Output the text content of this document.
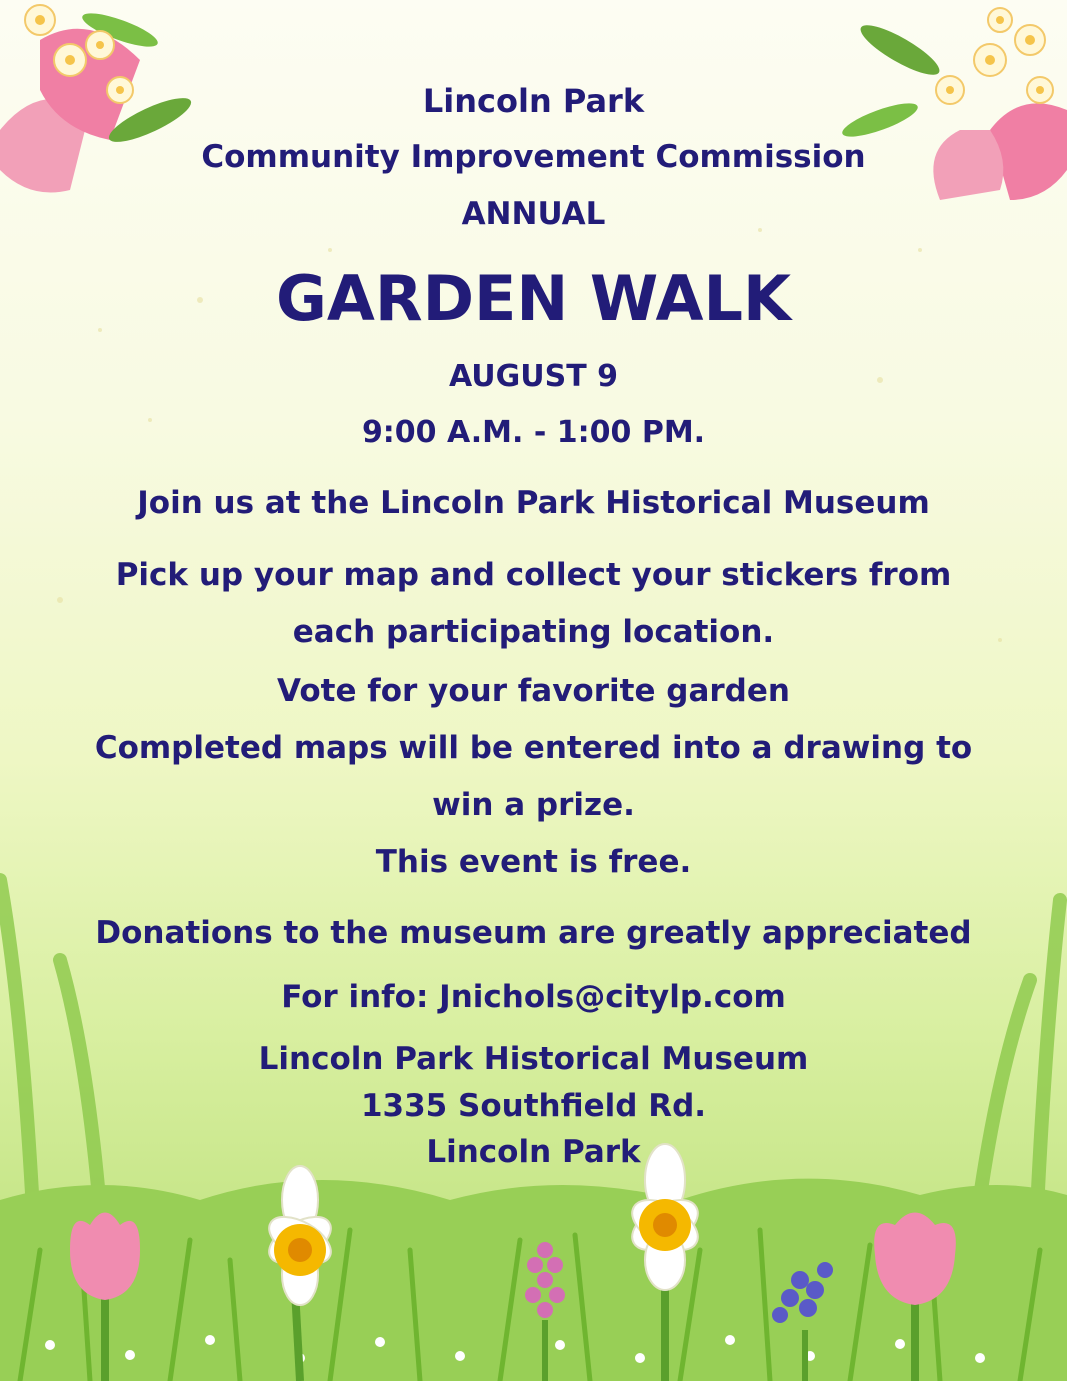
Lincoln Park
Community Improvement Commission
ANNUAL
GARDEN WALK
AUGUST 9
9:00 A.M. - 1:00 PM.
Join us at the Lincoln Park Historical Museum
Pick up your map and collect your stickers from
each participating location.
Vote for your favorite garden
Completed maps will be entered into a drawing to
win a prize.
This event is free.
Donations to the museum are greatly appreciated
For info: Jnichols@citylp.com
Lincoln Park Historical Museum
1335 Southfield Rd.
Lincoln Park
